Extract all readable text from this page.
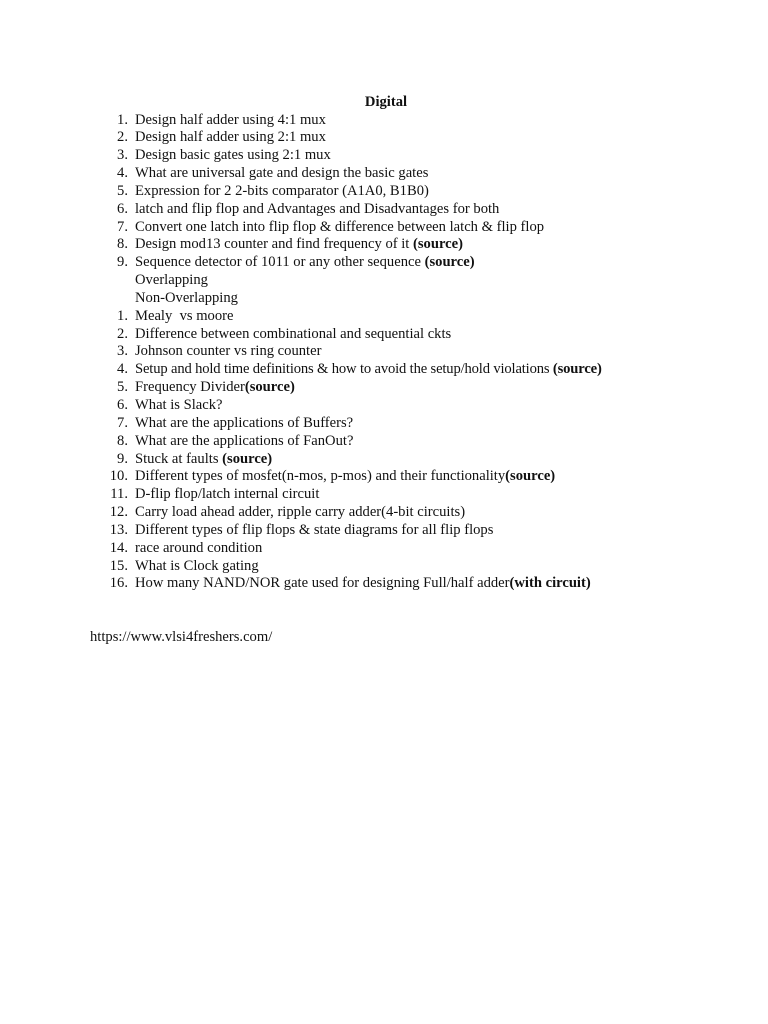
Digital
1. Design half adder using 4:1 mux
2. Design half adder using 2:1 mux
3. Design basic gates using 2:1 mux
4. What are universal gate and design the basic gates
5. Expression for 2 2-bits comparator (A1A0, B1B0)
6. latch and flip flop and Advantages and Disadvantages for both
7. Convert one latch into flip flop & difference between latch & flip flop
8. Design mod13 counter and find frequency of it (source)
9. Sequence detector of 1011 or any other sequence (source)
Overlapping
Non-Overlapping
1. Mealy  vs moore
2. Difference between combinational and sequential ckts
3. Johnson counter vs ring counter
4. Setup and hold time definitions & how to avoid the setup/hold violations (source)
5. Frequency Divider(source)
6. What is Slack?
7. What are the applications of Buffers?
8. What are the applications of FanOut?
9. Stuck at faults (source)
10. Different types of mosfet(n-mos, p-mos) and their functionality(source)
11. D-flip flop/latch internal circuit
12. Carry load ahead adder, ripple carry adder(4-bit circuits)
13. Different types of flip flops & state diagrams for all flip flops
14. race around condition
15. What is Clock gating
16. How many NAND/NOR gate used for designing Full/half adder(with circuit)
https://www.vlsi4freshers.com/
